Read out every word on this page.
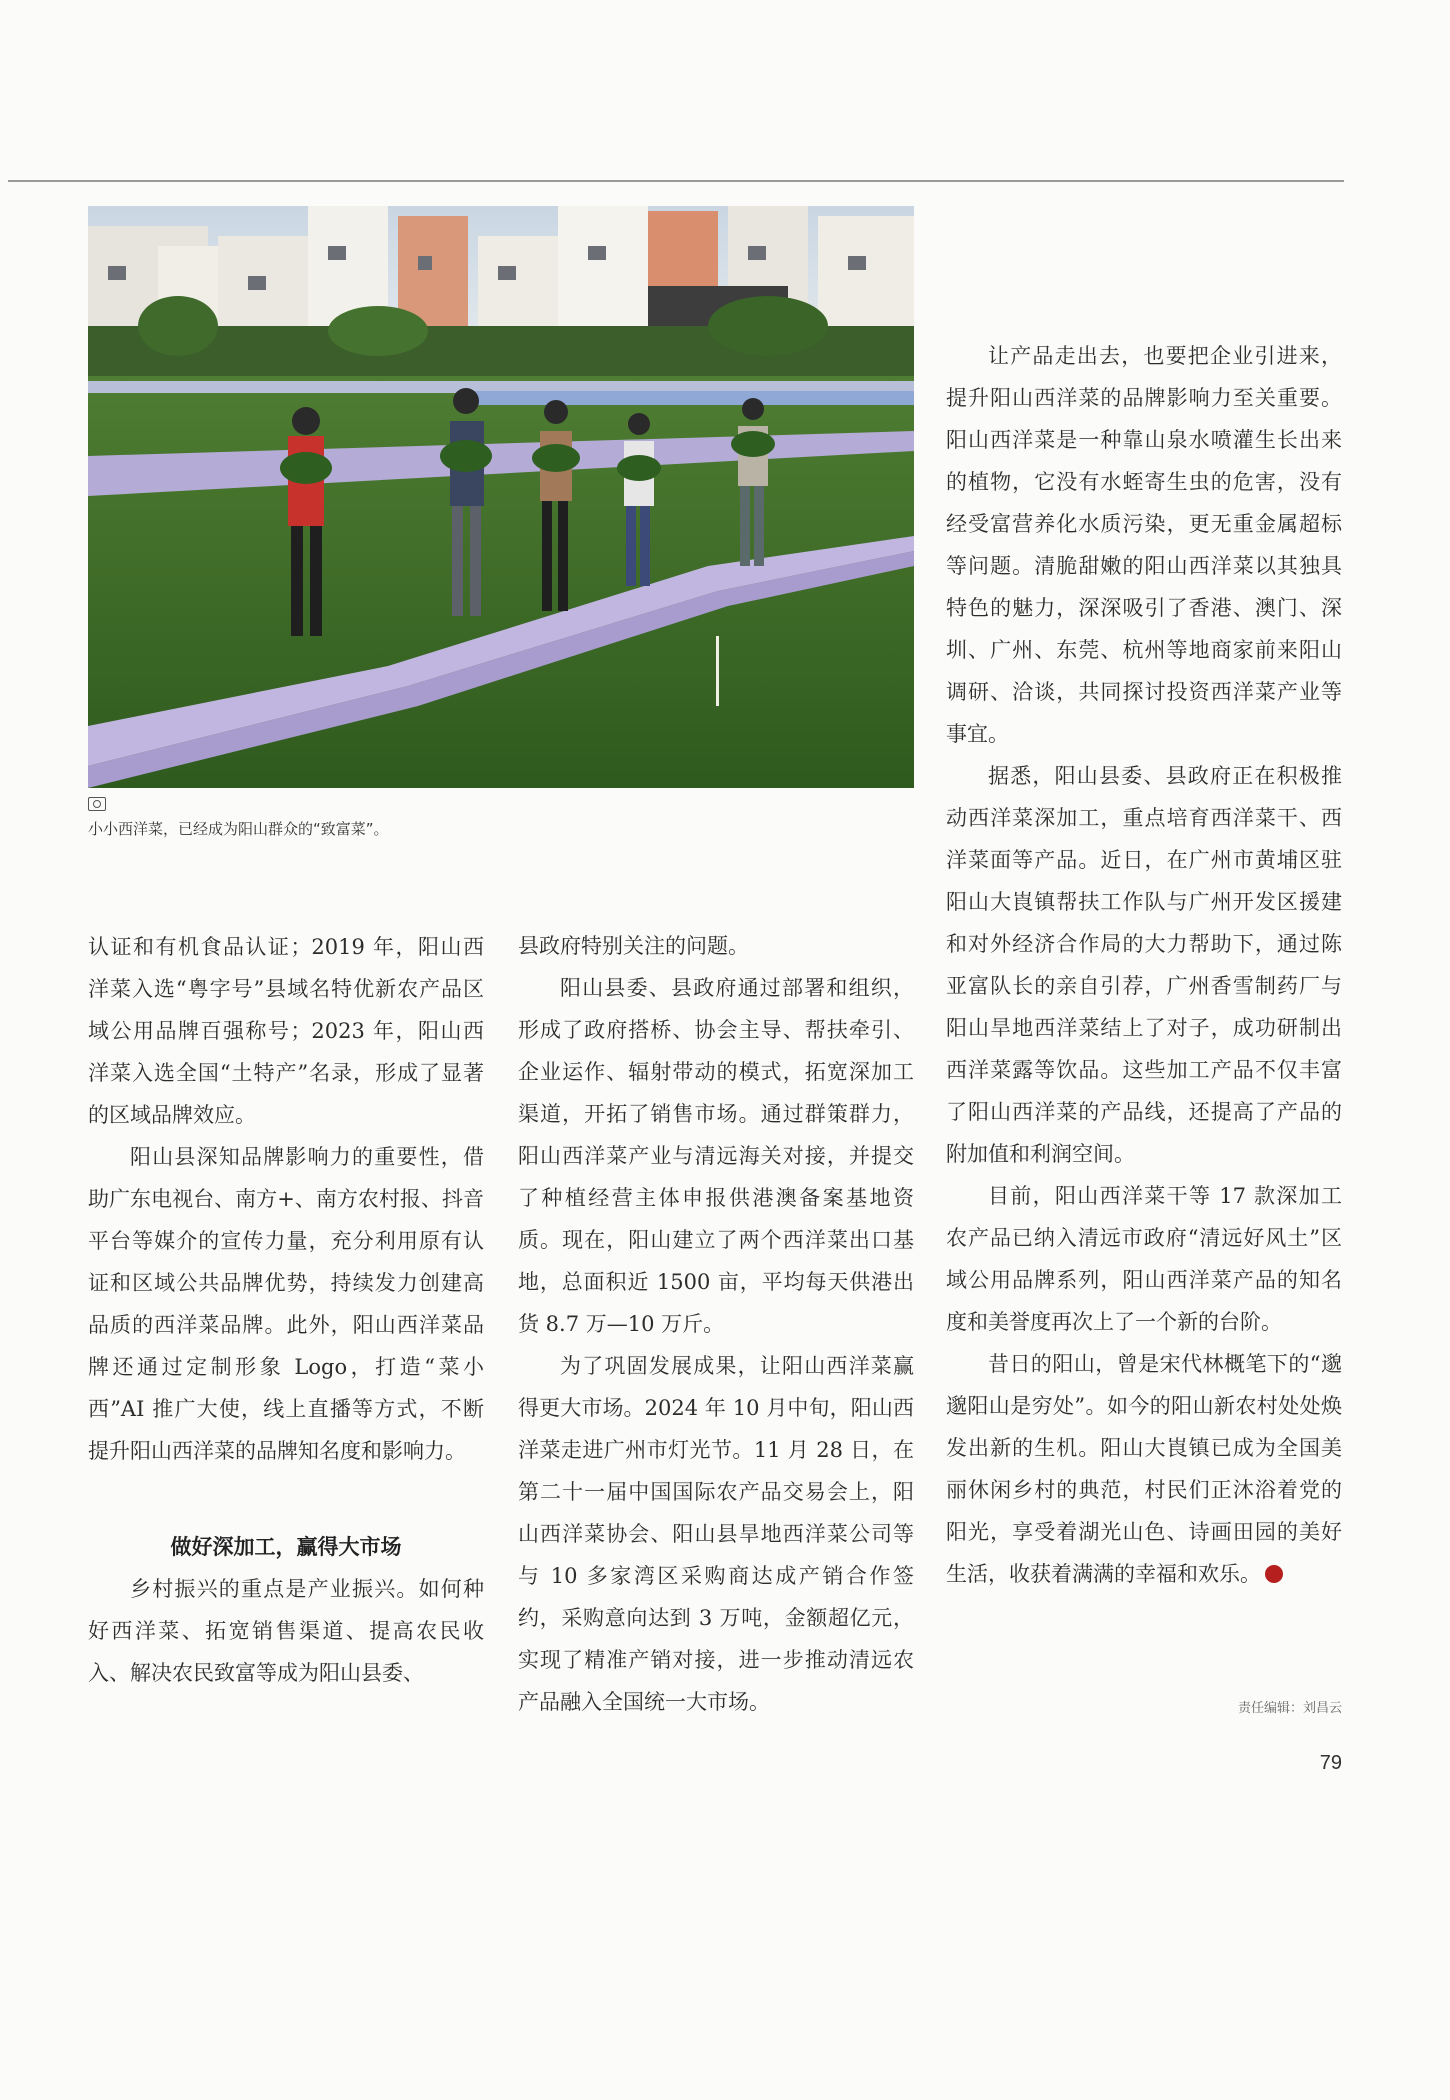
小小西洋菜，已经成为阳山群众的“致富菜”。

认证和有机食品认证；2019 年，阳山西洋菜入选“粤字号”县域名特优新农产品区域公用品牌百强称号；2023 年，阳山西洋菜入选全国“土特产”名录，形成了显著的区域品牌效应。

阳山县深知品牌影响力的重要性，借助广东电视台、南方+、南方农村报、抖音平台等媒介的宣传力量，充分利用原有认证和区域公共品牌优势，持续发力创建高品质的西洋菜品牌。此外，阳山西洋菜品牌还通过定制形象 Logo，打造“菜小西”AI 推广大使，线上直播等方式，不断提升阳山西洋菜的品牌知名度和影响力。

做好深加工，赢得大市场

乡村振兴的重点是产业振兴。如何种好西洋菜、拓宽销售渠道、提高农民收入、解决农民致富等成为阳山县委、

县政府特别关注的问题。

阳山县委、县政府通过部署和组织，形成了政府搭桥、协会主导、帮扶牵引、企业运作、辐射带动的模式，拓宽深加工渠道，开拓了销售市场。通过群策群力，阳山西洋菜产业与清远海关对接，并提交了种植经营主体申报供港澳备案基地资质。现在，阳山建立了两个西洋菜出口基地，总面积近 1500 亩，平均每天供港出货 8.7 万—10 万斤。

为了巩固发展成果，让阳山西洋菜赢得更大市场。2024 年 10 月中旬，阳山西洋菜走进广州市灯光节。11 月 28 日，在第二十一届中国国际农产品交易会上，阳山西洋菜协会、阳山县旱地西洋菜公司等与 10 多家湾区采购商达成产销合作签约，采购意向达到 3 万吨，金额超亿元，实现了精准产销对接，进一步推动清远农产品融入全国统一大市场。

让产品走出去，也要把企业引进来，提升阳山西洋菜的品牌影响力至关重要。阳山西洋菜是一种靠山泉水喷灌生长出来的植物，它没有水蛭寄生虫的危害，没有经受富营养化水质污染，更无重金属超标等问题。清脆甜嫩的阳山西洋菜以其独具特色的魅力，深深吸引了香港、澳门、深圳、广州、东莞、杭州等地商家前来阳山调研、洽谈，共同探讨投资西洋菜产业等事宜。

据悉，阳山县委、县政府正在积极推动西洋菜深加工，重点培育西洋菜干、西洋菜面等产品。近日，在广州市黄埔区驻阳山大崀镇帮扶工作队与广州开发区援建和对外经济合作局的大力帮助下，通过陈亚富队长的亲自引荐，广州香雪制药厂与阳山旱地西洋菜结上了对子，成功研制出西洋菜露等饮品。这些加工产品不仅丰富了阳山西洋菜的产品线，还提高了产品的附加值和利润空间。

目前，阳山西洋菜干等 17 款深加工农产品已纳入清远市政府“清远好风土”区域公用品牌系列，阳山西洋菜产品的知名度和美誉度再次上了一个新的台阶。

昔日的阳山，曾是宋代林概笔下的“邈邈阳山是穷处”。如今的阳山新农村处处焕发出新的生机。阳山大崀镇已成为全国美丽休闲乡村的典范，村民们正沐浴着党的阳光，享受着湖光山色、诗画田园的美好生活，收获着满满的幸福和欢乐。

责任编辑：刘昌云
79
